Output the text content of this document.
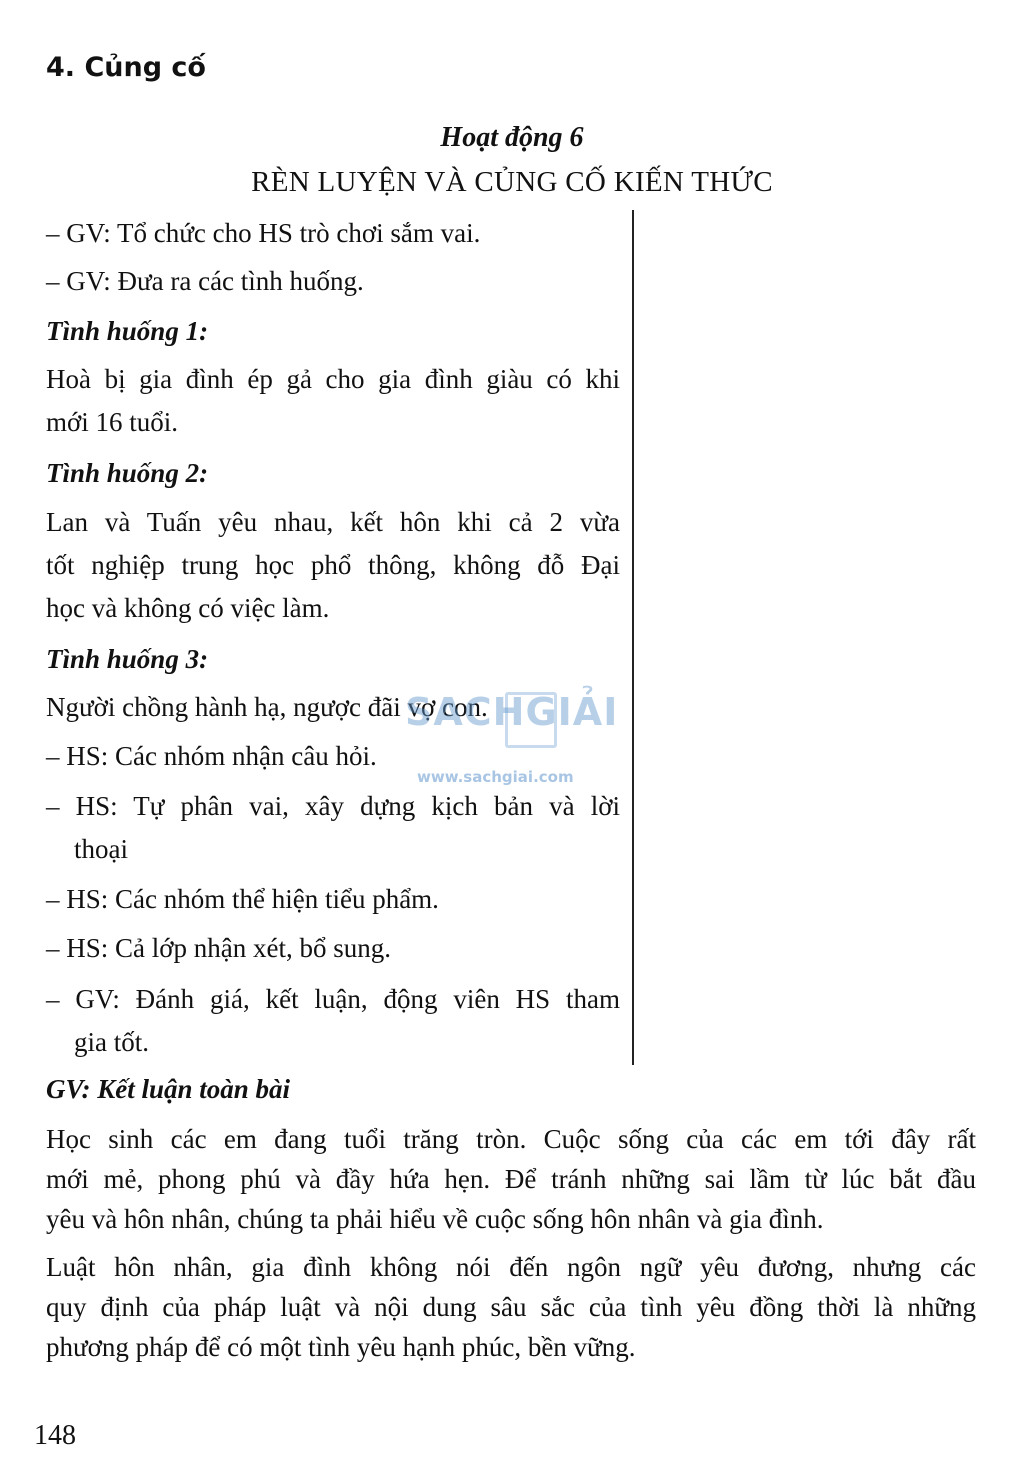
4. Củng cố
Hoạt động 6
RÈN LUYỆN VÀ CỦNG CỐ KIẾN THỨC
– GV: Tổ chức cho HS trò chơi sắm vai.
– GV: Đưa ra các tình huống.
Tình huống 1:
Hoà bị gia đình ép gả cho gia đình giàu có khi
mới 16 tuổi.
Tình huống 2:
Lan và Tuấn yêu nhau, kết hôn khi cả 2 vừa
tốt nghiệp trung học phổ thông, không đỗ Đại
học và không có việc làm.
Tình huống 3:
Người chồng hành hạ, ngược đãi vợ con.
– HS: Các nhóm nhận câu hỏi.
– HS: Tự phân vai, xây dựng kịch bản và lời
thoại
– HS: Các nhóm thể hiện tiểu phẩm.
– HS: Cả lớp nhận xét, bổ sung.
– GV: Đánh giá, kết luận, động viên HS tham
gia tốt.
GV: Kết luận toàn bài
Học sinh các em đang tuổi trăng tròn. Cuộc sống của các em tới đây rất
mới mẻ, phong phú và đầy hứa hẹn. Để tránh những sai lầm từ lúc bắt đầu
yêu và hôn nhân, chúng ta phải hiểu về cuộc sống hôn nhân và gia đình.
Luật hôn nhân, gia đình không nói đến ngôn ngữ yêu đương, nhưng các
quy định của pháp luật và nội dung sâu sắc của tình yêu đồng thời là những
phương pháp để có một tình yêu hạnh phúc, bền vững.
SACHGIẢI
www.sachgiai.com
148
